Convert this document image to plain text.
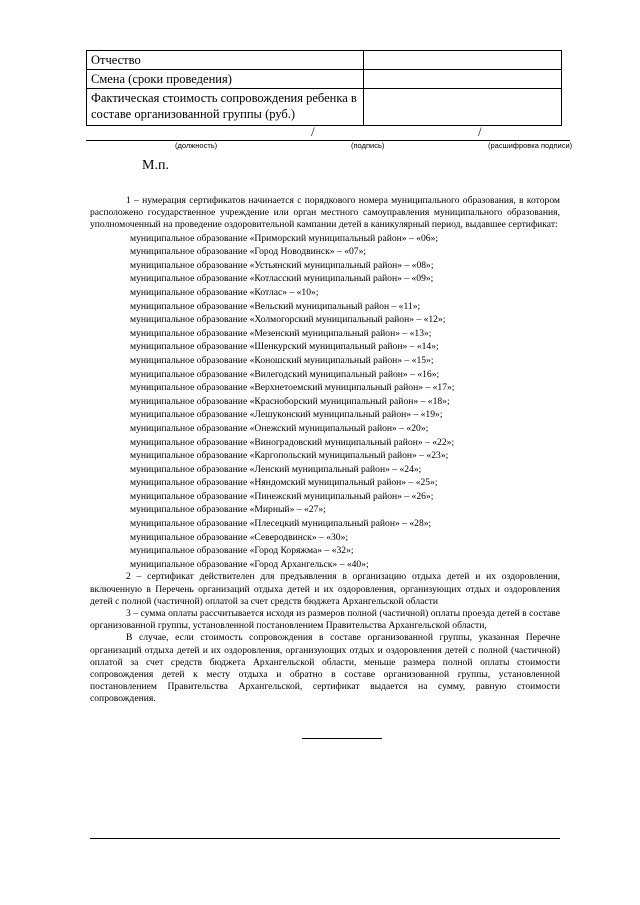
Отчество	
Смена (сроки проведения)	
Фактическая стоимость сопровождения ребенка в составе организованной группы (руб.)	
/	/
(должность)	(подпись)	(расшифровка подписи)
М.п.

1 – нумерация сертификатов начинается с порядкового номера муниципального образования, в котором расположено государственное учреждение или орган местного самоуправления муниципального образования, уполномоченный на проведение оздоровительной кампании детей в каникулярный период, выдавшее сертификат:

муниципальное образование «Приморский муниципальный район» – «06»;
муниципальное образование «Город Новодвинск» – «07»;
муниципальное образование «Устьянский муниципальный район» – «08»;
муниципальное образование «Котласский муниципальный район» – «09»;
муниципальное образование «Котлас» – «10»;
муниципальное образование «Вельский муниципальный район – «11»;
муниципальное образование «Холмогорский муниципальный район» – «12»;
муниципальное образование «Мезенский муниципальный район» – «13»;
муниципальное образование «Шенкурский муниципальный район» – «14»;
муниципальное образование «Коношский муниципальный район» – «15»;
муниципальное образование «Вилегодский муниципальный район» – «16»;
муниципальное образование «Верхнетоемский муниципальный район» – «17»;
муниципальное образование «Красноборский муниципальный район» – «18»;
муниципальное образование «Лешуконский муниципальный район» – «19»;
муниципальное образование «Онежский муниципальный район» – «20»;
муниципальное образование «Виноградовский муниципальный район» – «22»;
муниципальное образование «Каргопольский муниципальный район» – «23»;
муниципальное образование «Ленский муниципальный район» – «24»;
муниципальное образование «Няндомский муниципальный район» – «25»;
муниципальное образование «Пинежский муниципальный район» – «26»;
муниципальное образование «Мирный» – «27»;
муниципальное образование «Плесецкий муниципальный район» – «28»;
муниципальное образование «Северодвинск» – «30»;
муниципальное образование «Город Коряжма» – «32»;
муниципальное образование «Город Архангельск» – «40»;

2 – сертификат действителен для предъявления в организацию отдыха детей и их оздоровления, включенную в Перечень организаций отдыха детей и их оздоровления, организующих отдых и оздоровления детей с полной (частичной) оплатой за счет средств бюджета Архангельской области

3 – сумма оплаты рассчитывается исходя из размеров полной (частичной) оплаты проезда детей в составе организованной группы, установленной постановлением Правительства Архангельской области,

В случае, если стоимость сопровождения в составе организованной группы, указанная Перечне организаций отдыха детей и их оздоровления, организующих отдых и оздоровления детей с полной (частичной) оплатой за счет средств бюджета Архангельской области, меньше размера полной оплаты стоимости сопровождения детей к месту отдыха и обратно в составе организованной группы, установленной постановлением Правительства Архангельской, сертификат выдается на сумму, равную стоимости сопровождения.
